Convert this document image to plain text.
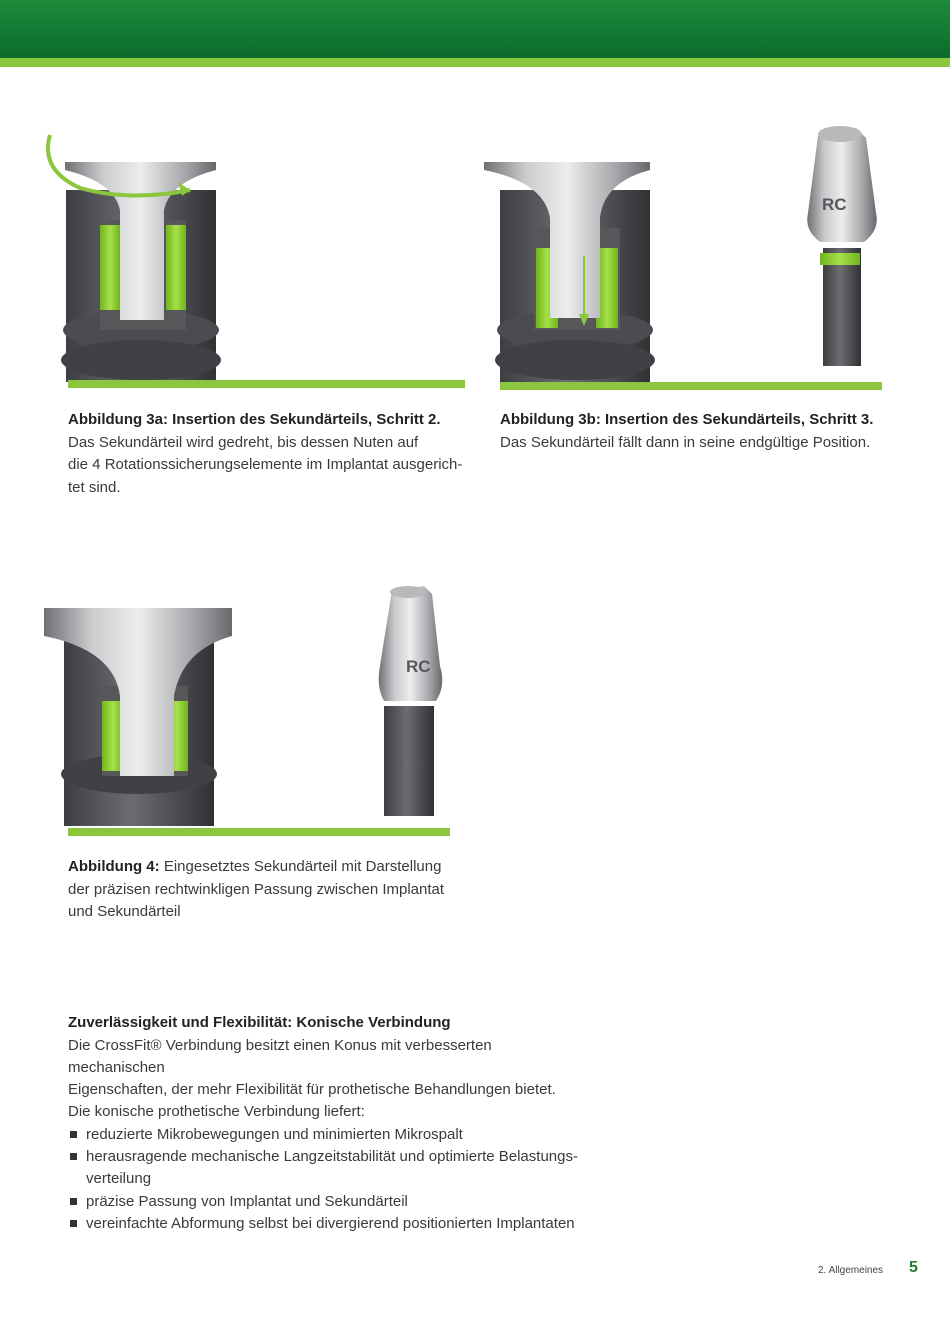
Abbildung 3a: Insertion des Sekundärteils, Schritt 2.
Das Sekundärteil wird gedreht, bis dessen Nuten auf
die 4 Rotationssicherungselemente im Implantat ausgerich-
tet sind.
RC
Abbildung 3b: Insertion des Sekundärteils, Schritt 3.
Das Sekundärteil fällt dann in seine endgültige Position.
RC
Abbildung 4: Eingesetztes Sekundärteil mit Darstellung
der präzisen rechtwinkligen Passung zwischen Implantat
und Sekundärteil
Zuverlässigkeit und Flexibilität: Konische Verbindung

Die CrossFit® Verbindung besitzt einen Konus mit verbesserten mechanischen

Eigenschaften, der mehr Flexibilität für prothetische Behandlungen bietet.

Die konische prothetische Verbindung liefert:

reduzierte Mikrobewegungen und minimierten Mikrospalt
herausragende mechanische Langzeitstabilität und optimierte Belastungs-
verteilung
präzise Passung von Implantat und Sekundärteil
vereinfachte Abformung selbst bei divergierend positionierten Implantaten
2. Allgemeines 5
